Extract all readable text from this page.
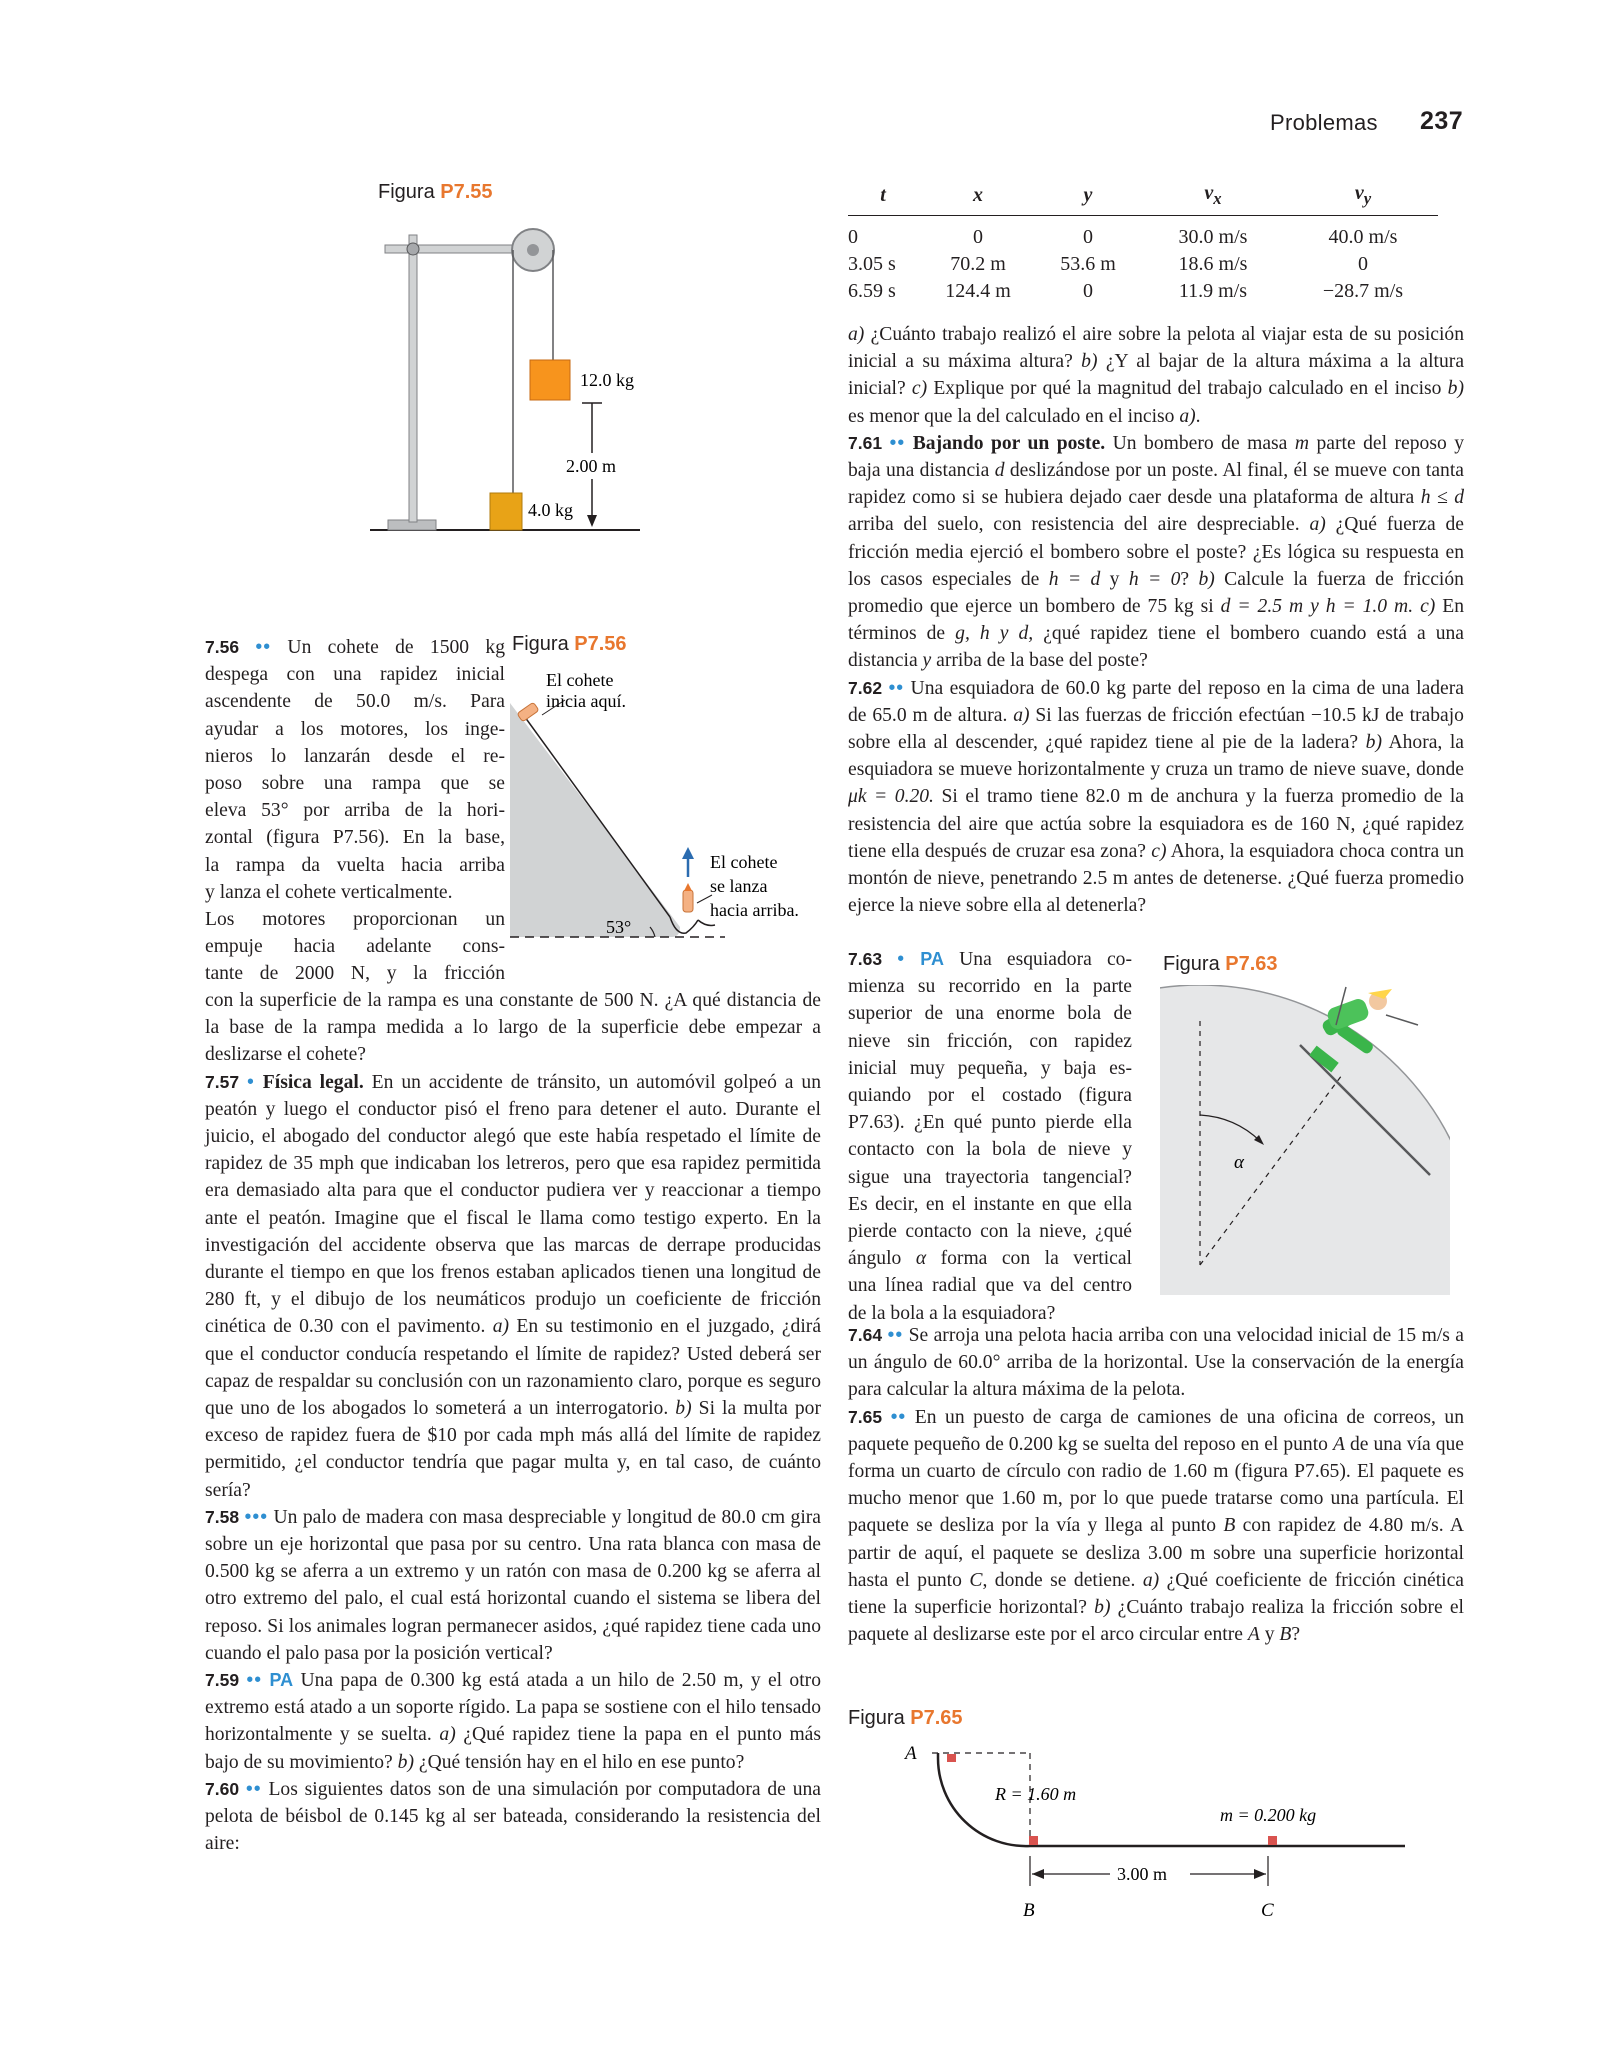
Problemas 237
Figura P7.55
12.0 kg
2.00 m
4.0 kg
7.56 •• Un cohete de 1500 kg
despega con una rapidez inicial
ascendente de 50.0 m/s. Para
ayudar a los motores, los inge-
nieros lo lanzarán desde el re-
poso sobre una rampa que se
eleva 53° por arriba de la hori-
zontal (figura P7.56). En la base,
la rampa da vuelta hacia arriba
y lanza el cohete verticalmente.
Los motores proporcionan un
empuje hacia adelante cons-
tante de 2000 N, y la fricción
Figura P7.56
53°
El cohete
inicia aquí.
El cohete
se lanza
hacia arriba.

con la superficie de la rampa es una constante de 500 N. ¿A qué distancia de la base de la rampa medida a lo largo de la superficie debe empezar a deslizarse el cohete?

7.57 • Física legal. En un accidente de tránsito, un automóvil golpeó a un peatón y luego el conductor pisó el freno para detener el auto. Durante el juicio, el abogado del conductor alegó que este había respetado el límite de rapidez de 35 mph que indicaban los letreros, pero que esa rapidez permitida era demasiado alta para que el conductor pudiera ver y reaccionar a tiempo ante el peatón. Imagine que el fiscal le llama como testigo experto. En la investigación del accidente observa que las marcas de derrape producidas durante el tiempo en que los frenos estaban aplicados tienen una longitud de 280 ft, y el dibujo de los neumáticos produjo un coeficiente de fricción cinética de 0.30 con el pavimento. a) En su testimonio en el juzgado, ¿dirá que el conductor conducía respetando el límite de rapidez? Usted deberá ser capaz de respaldar su conclusión con un razonamiento claro, porque es seguro que uno de los abogados lo someterá a un interrogatorio. b) Si la multa por exceso de rapidez fuera de $10 por cada mph más allá del límite de rapidez permitido, ¿el conductor tendría que pagar multa y, en tal caso, de cuánto sería?

7.58 ••• Un palo de madera con masa despreciable y longitud de 80.0 cm gira sobre un eje horizontal que pasa por su centro. Una rata blanca con masa de 0.500 kg se aferra a un extremo y un ratón con masa de 0.200 kg se aferra al otro extremo del palo, el cual está horizontal cuando el sistema se libera del reposo. Si los animales logran permanecer asidos, ¿qué rapidez tiene cada uno cuando el palo pasa por la posición vertical?

7.59 •• PA Una papa de 0.300 kg está atada a un hilo de 2.50 m, y el otro extremo está atado a un soporte rígido. La papa se sostiene con el hilo tensado horizontalmente y se suelta. a) ¿Qué rapidez tiene la papa en el punto más bajo de su movimiento? b) ¿Qué tensión hay en el hilo en ese punto?

7.60 •• Los siguientes datos son de una simulación por computadora de una pelota de béisbol de 0.145 kg al ser bateada, considerando la resistencia del aire:

t	x	y	$v_x$	$v_y$

0	0	0	30.0 m/s	40.0 m/s
3.05 s	70.2 m	53.6 m	18.6 m/s	0
6.59 s	124.4 m	0	11.9 m/s	−28.7 m/s

a) ¿Cuánto trabajo realizó el aire sobre la pelota al viajar esta de su posición inicial a su máxima altura? b) ¿Y al bajar de la altura máxima a la altura inicial? c) Explique por qué la magnitud del trabajo calculado en el inciso b) es menor que la del calculado en el inciso a).

7.61 •• Bajando por un poste. Un bombero de masa m parte del reposo y baja una distancia d deslizándose por un poste. Al final, él se mueve con tanta rapidez como si se hubiera dejado caer desde una plataforma de altura h ≤ d arriba del suelo, con resistencia del aire despreciable. a) ¿Qué fuerza de fricción media ejerció el bombero sobre el poste? ¿Es lógica su respuesta en los casos especiales de h = d y h = 0? b) Calcule la fuerza de fricción promedio que ejerce un bombero de 75 kg si d = 2.5 m y h = 1.0 m. c) En términos de g, h y d, ¿qué rapidez tiene el bombero cuando está a una distancia y arriba de la base del poste?

7.62 •• Una esquiadora de 60.0 kg parte del reposo en la cima de una ladera de 65.0 m de altura. a) Si las fuerzas de fricción efectúan −10.5 kJ de trabajo sobre ella al descender, ¿qué rapidez tiene al pie de la ladera? b) Ahora, la esquiadora se mueve horizontalmente y cruza un tramo de nieve suave, donde μk = 0.20. Si el tramo tiene 82.0 m de anchura y la fuerza promedio de la resistencia del aire que actúa sobre la esquiadora es de 160 N, ¿qué rapidez tiene ella después de cruzar esa zona? c) Ahora, la esquiadora choca contra un montón de nieve, penetrando 2.5 m antes de detenerse. ¿Qué fuerza promedio ejerce la nieve sobre ella al detenerla?

7.63 • PA Una esquiadora co-
mienza su recorrido en la parte
superior de una enorme bola de
nieve sin fricción, con rapidez
inicial muy pequeña, y baja es-
quiando por el costado (figura
P7.63). ¿En qué punto pierde ella
contacto con la bola de nieve y
sigue una trayectoria tangencial?
Es decir, en el instante en que ella
pierde contacto con la nieve, ¿qué
ángulo α forma con la vertical
una línea radial que va del centro
de la bola a la esquiadora?
Figura P7.63
α

7.64 •• Se arroja una pelota hacia arriba con una velocidad inicial de 15 m/s a un ángulo de 60.0° arriba de la horizontal. Use la conservación de la energía para calcular la altura máxima de la pelota.

7.65 •• En un puesto de carga de camiones de una oficina de correos, un paquete pequeño de 0.200 kg se suelta del reposo en el punto A de una vía que forma un cuarto de círculo con radio de 1.60 m (figura P7.65). El paquete es mucho menor que 1.60 m, por lo que puede tratarse como una partícula. El paquete se desliza por la vía y llega al punto B con rapidez de 4.80 m/s. A partir de aquí, el paquete se desliza 3.00 m sobre una superficie horizontal hasta el punto C, donde se detiene. a) ¿Qué coeficiente de fricción cinética tiene la superficie horizontal? b) ¿Cuánto trabajo realiza la fricción sobre el paquete al deslizarse este por el arco circular entre A y B?

Figura P7.65
A
R = 1.60 m
m = 0.200 kg
3.00 m
B	C
